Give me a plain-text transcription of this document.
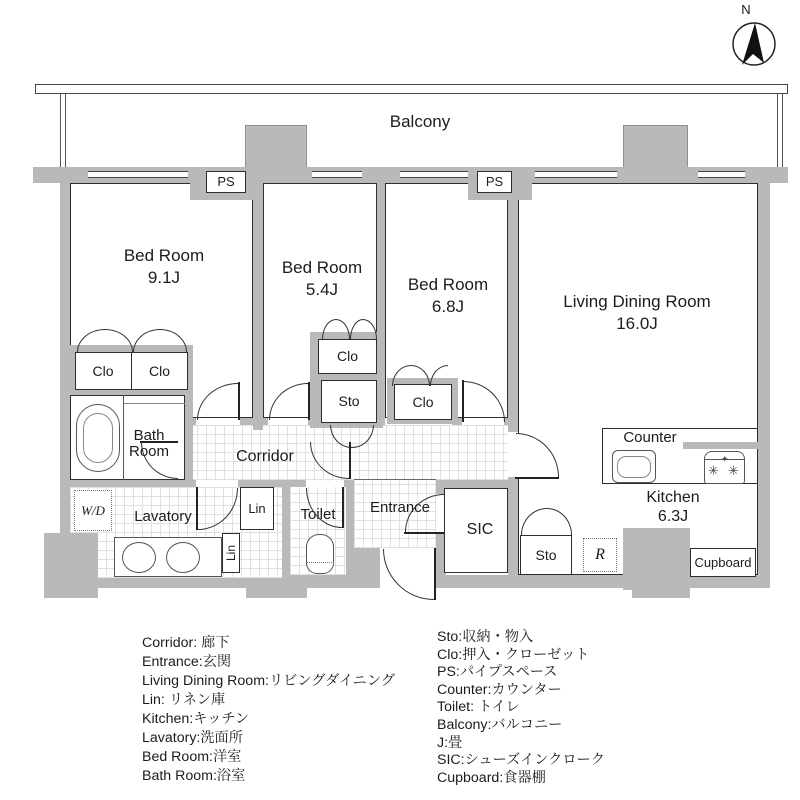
N
Balcony
PS	PS
Clo	Clo
Clo
Sto	Clo
Bath
Room
W/D	Lavatory	Lin
Lin
Toilet
Corridor
Entrance
SIC
Living Dining Room
16.0J
Counter
✳ ✳
✦
Kitchen
6.3J
Cupboard
R
Sto
Bed Room
9.1J
Bed Room
5.4J	Bed Room
6.8J
Corridor: 廊下
Entrance:玄関
Living Dining Room:リビングダイニング
Lin: リネン庫
Kitchen:キッチン
Lavatory:洗面所
Bed Room:洋室
Bath Room:浴室
Sto:収納・物入
Clo:押入・クローゼット
PS:パイプスペース
Counter:カウンター
Toilet: トイレ
Balcony:バルコニー
J:畳
SIC:シューズインクローク
Cupboard:食器棚
